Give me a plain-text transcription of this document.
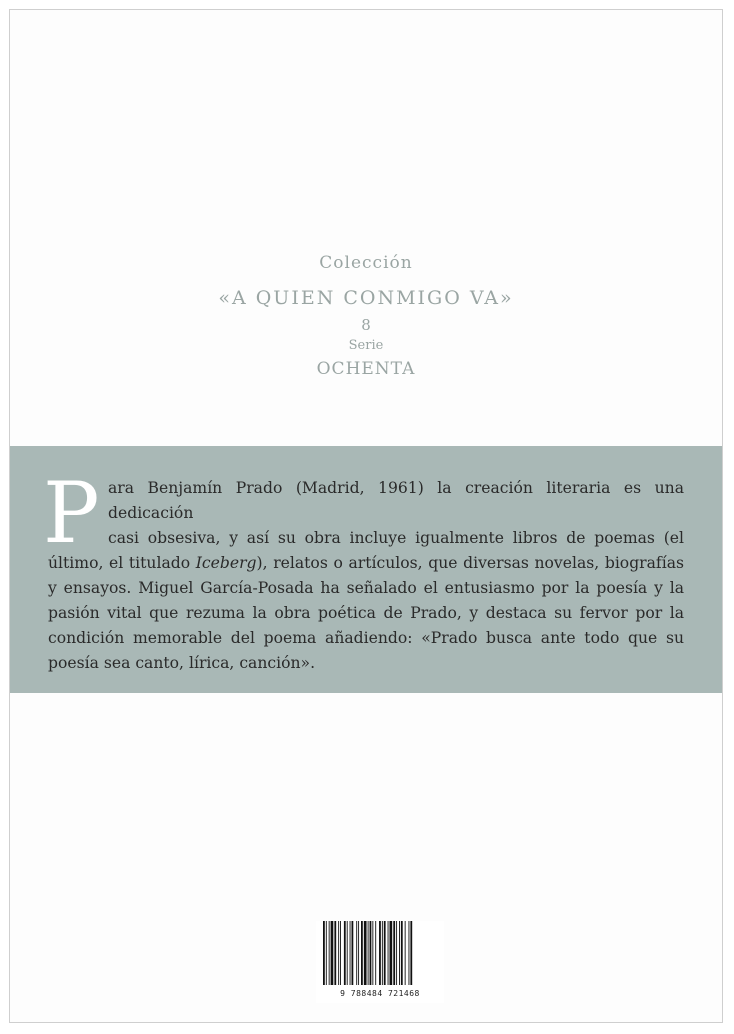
Colección
«A QUIEN CONMIGO VA»
8
Serie
OCHENTA
P ara Benjamín Prado (Madrid, 1961) la creación literaria es una dedicación
casi obsesiva, y así su obra incluye igualmente libros de poemas (el último, el titulado Iceberg), relatos o artículos, que diversas novelas, biografías y ensayos. Miguel García-Posada ha señalado el entusiasmo por la poesía y la pasión vital que rezuma la obra poética de Prado, y destaca su fervor por la condición memorable del poema añadiendo: «Prado busca ante todo que su poesía sea canto, lírica, canción».
9 788484 721468
